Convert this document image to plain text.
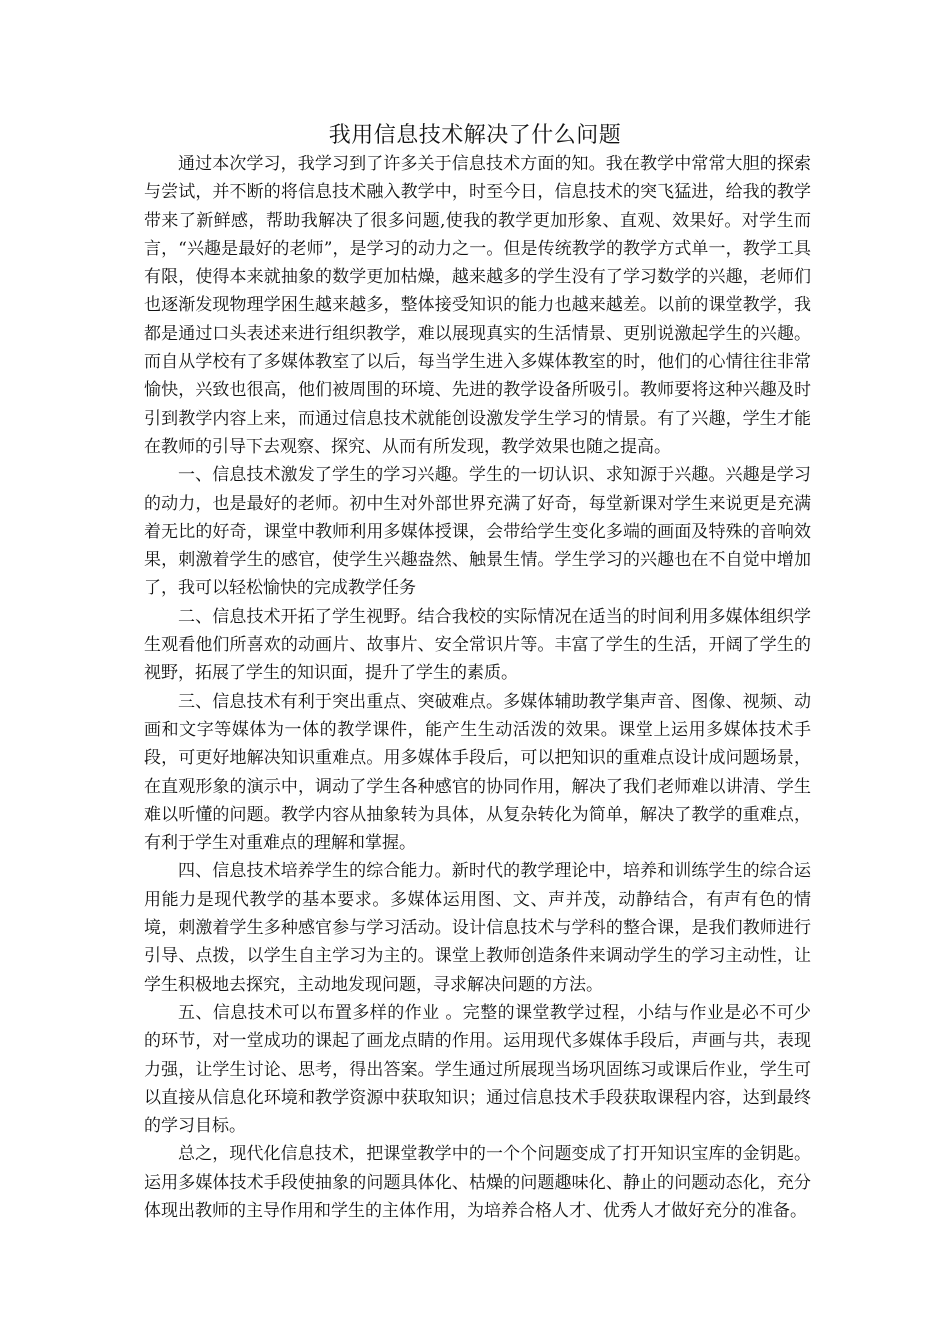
我用信息技术解决了什么问题

通过本次学习，我学习到了许多关于信息技术方面的知。我在教学中常常大胆的探索与尝试，并不断的将信息技术融入教学中，时至今日，信息技术的突飞猛进，给我的教学带来了新鲜感，帮助我解决了很多问题,使我的教学更加形象、直观、效果好。对学生而言，“兴趣是最好的老师”，是学习的动力之一。但是传统教学的教学方式单一，教学工具有限，使得本来就抽象的数学更加枯燥，越来越多的学生没有了学习数学的兴趣，老师们也逐渐发现物理学困生越来越多，整体接受知识的能力也越来越差。以前的课堂教学，我都是通过口头表述来进行组织教学，难以展现真实的生活情景、更别说激起学生的兴趣。而自从学校有了多媒体教室了以后，每当学生进入多媒体教室的时，他们的心情往往非常愉快，兴致也很高，他们被周围的环境、先进的教学设备所吸引。教师要将这种兴趣及时引到教学内容上来，而通过信息技术就能创设激发学生学习的情景。有了兴趣，学生才能在教师的引导下去观察、探究、从而有所发现，教学效果也随之提高。

一、信息技术激发了学生的学习兴趣。学生的一切认识、求知源于兴趣。兴趣是学习的动力，也是最好的老师。初中生对外部世界充满了好奇，每堂新课对学生来说更是充满着无比的好奇，课堂中教师利用多媒体授课，会带给学生变化多端的画面及特殊的音响效果，刺激着学生的感官，使学生兴趣盎然、触景生情。学生学习的兴趣也在不自觉中增加了，我可以轻松愉快的完成教学任务

二、信息技术开拓了学生视野。结合我校的实际情况在适当的时间利用多媒体组织学生观看他们所喜欢的动画片、故事片、安全常识片等。丰富了学生的生活，开阔了学生的视野，拓展了学生的知识面，提升了学生的素质。

三、信息技术有利于突出重点、突破难点。多媒体辅助教学集声音、图像、视频、动画和文字等媒体为一体的教学课件，能产生生动活泼的效果。课堂上运用多媒体技术手段，可更好地解决知识重难点。用多媒体手段后，可以把知识的重难点设计成问题场景，在直观形象的演示中，调动了学生各种感官的协同作用，解决了我们老师难以讲清、学生难以听懂的问题。教学内容从抽象转为具体，从复杂转化为简单，解决了教学的重难点，有利于学生对重难点的理解和掌握。

四、信息技术培养学生的综合能力。新时代的教学理论中，培养和训练学生的综合运用能力是现代教学的基本要求。多媒体运用图、文、声并茂，动静结合，有声有色的情境，刺激着学生多种感官参与学习活动。设计信息技术与学科的整合课，是我们教师进行引导、点拨，以学生自主学习为主的。课堂上教师创造条件来调动学生的学习主动性，让学生积极地去探究，主动地发现问题，寻求解决问题的方法。

五、信息技术可以布置多样的作业 。完整的课堂教学过程，小结与作业是必不可少的环节，对一堂成功的课起了画龙点睛的作用。运用现代多媒体手段后，声画与共，表现力强，让学生讨论、思考，得出答案。学生通过所展现当场巩固练习或课后作业，学生可以直接从信息化环境和教学资源中获取知识；通过信息技术手段获取课程内容，达到最终的学习目标。

总之，现代化信息技术，把课堂教学中的一个个问题变成了打开知识宝库的金钥匙。运用多媒体技术手段使抽象的问题具体化、枯燥的问题趣味化、静止的问题动态化，充分体现出教师的主导作用和学生的主体作用，为培养合格人才、优秀人才做好充分的准备。
